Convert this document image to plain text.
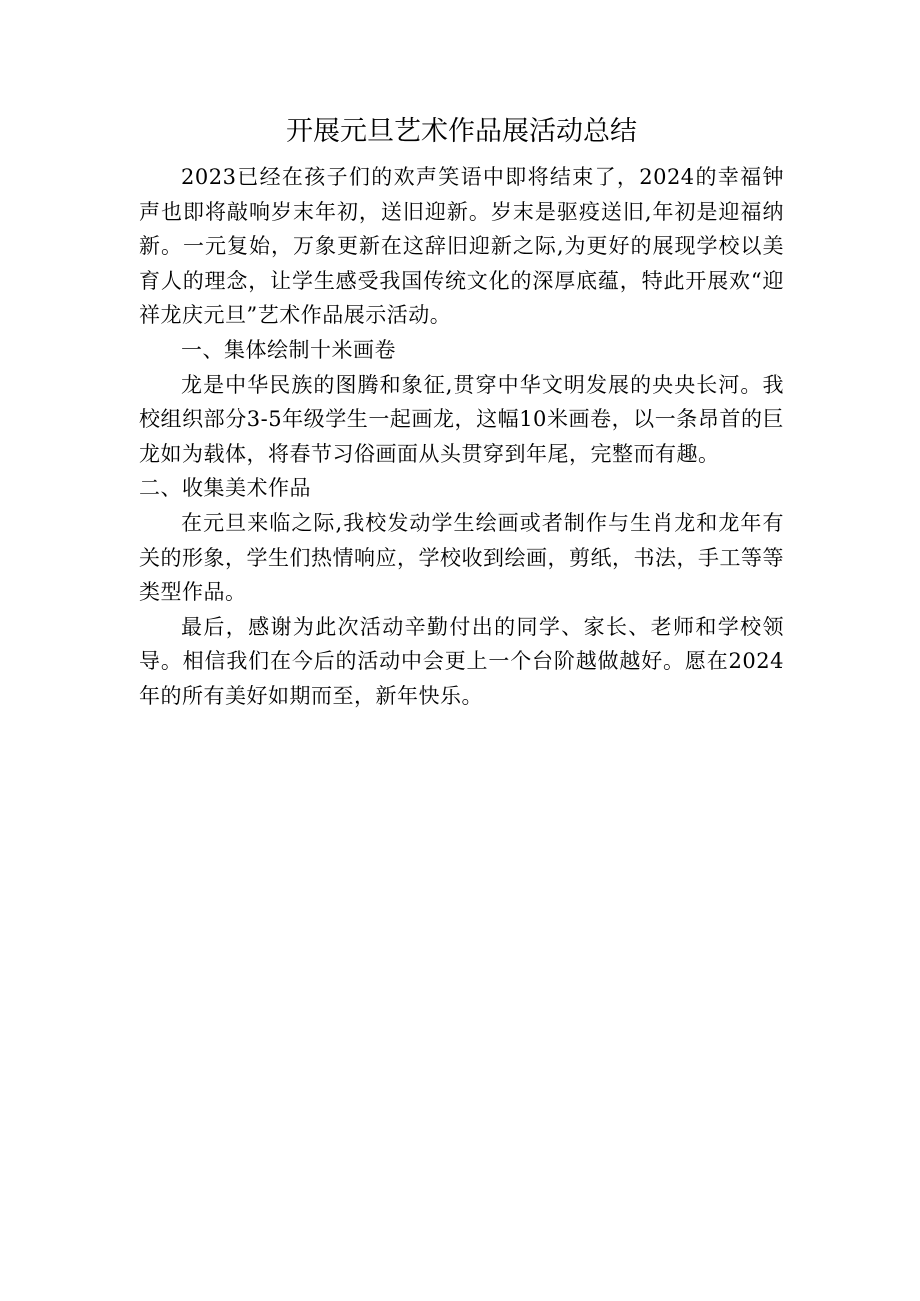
开展元旦艺术作品展活动总结

2023已经在孩子们的欢声笑语中即将结束了，2024的幸福钟声也即将敲响岁末年初，送旧迎新。岁末是驱疫送旧,年初是迎福纳新。一元复始，万象更新在这辞旧迎新之际,为更好的展现学校以美育人的理念，让学生感受我国传统文化的深厚底蕴，特此开展欢“迎祥龙庆元旦”艺术作品展示活动。

一、集体绘制十米画卷

龙是中华民族的图腾和象征,贯穿中华文明发展的央央长河。我校组织部分3-5年级学生一起画龙，这幅10米画卷，以一条昂首的巨龙如为载体，将春节习俗画面从头贯穿到年尾，完整而有趣。

二、收集美术作品

在元旦来临之际,我校发动学生绘画或者制作与生肖龙和龙年有关的形象，学生们热情响应，学校收到绘画，剪纸，书法，手工等等类型作品。

最后，感谢为此次活动辛勤付出的同学、家长、老师和学校领导。相信我们在今后的活动中会更上一个台阶越做越好。愿在2024年的所有美好如期而至，新年快乐。
